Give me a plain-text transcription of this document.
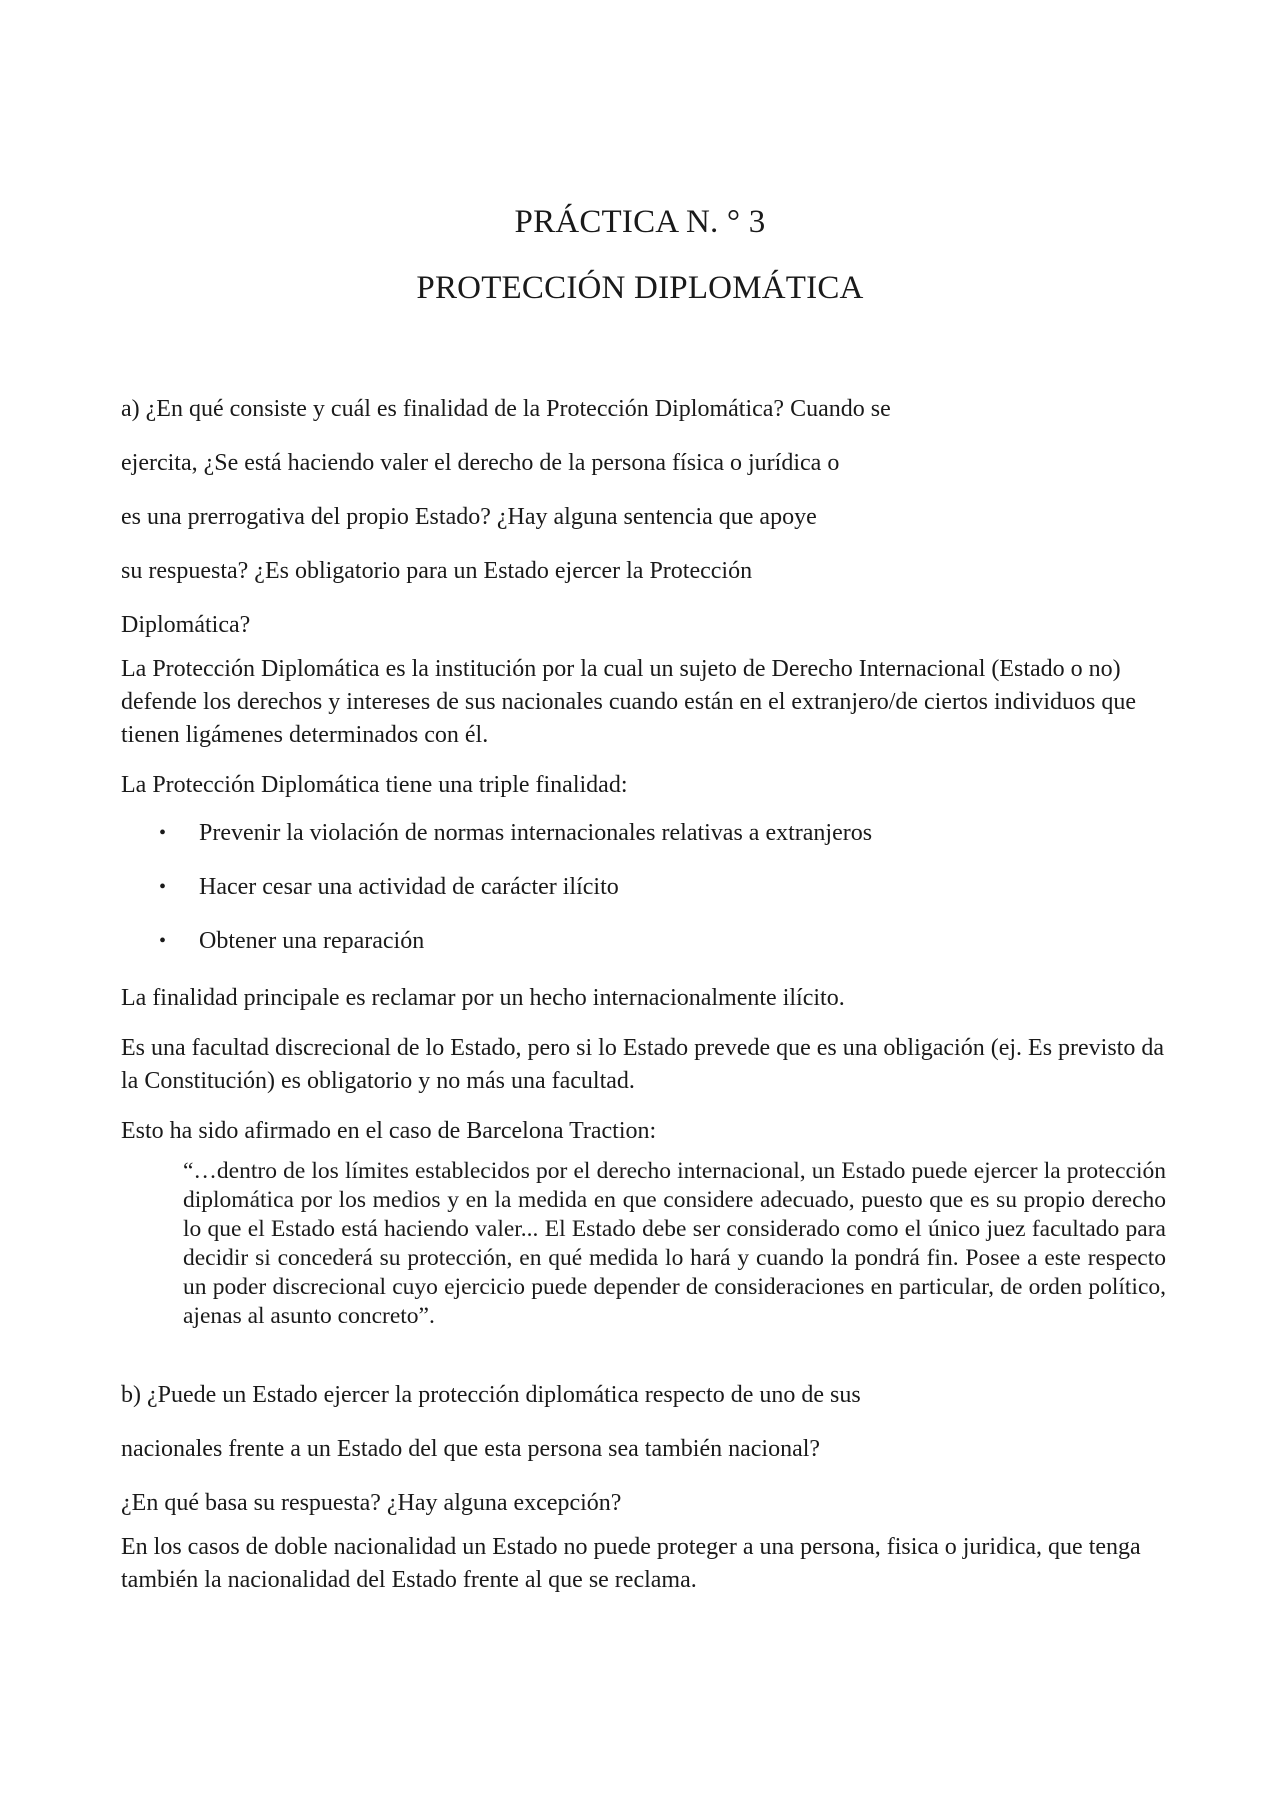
PRÁCTICA N. ° 3
PROTECCIÓN DIPLOMÁTICA

a) ¿En qué consiste y cuál es finalidad de la Protección Diplomática? Cuando se

ejercita, ¿Se está haciendo valer el derecho de la persona física o jurídica o

es una prerrogativa del propio Estado? ¿Hay alguna sentencia que apoye

su respuesta? ¿Es obligatorio para un Estado ejercer la Protección

Diplomática?

La Protección Diplomática es la institución por la cual un sujeto de Derecho Internacional (Estado o no) defende los derechos y intereses de sus nacionales cuando están en el extranjero/de ciertos individuos que tienen ligámenes determinados con él.

La Protección Diplomática tiene una triple finalidad:

• Prevenir la violación de normas internacionales relativas a extranjeros
• Hacer cesar una actividad de carácter ilícito
• Obtener una reparación

La finalidad principale es reclamar por un hecho internacionalmente ilícito.

Es una facultad discrecional de lo Estado, pero si lo Estado prevede que es una obligación (ej. Es previsto da la Constitución) es obligatorio y no más una facultad.

Esto ha sido afirmado en el caso de Barcelona Traction:

“…dentro de los límites establecidos por el derecho internacional, un Estado puede ejercer la protección diplomática por los medios y en la medida en que considere adecuado, puesto que es su propio derecho lo que el Estado está haciendo valer... El Estado debe ser considerado como el único juez facultado para decidir si concederá su protección, en qué medida lo hará y cuando la pondrá fin. Posee a este respecto un poder discrecional cuyo ejercicio puede depender de consideraciones en particular, de orden político, ajenas al asunto concreto”.

b) ¿Puede un Estado ejercer la protección diplomática respecto de uno de sus

nacionales frente a un Estado del que esta persona sea también nacional?

¿En qué basa su respuesta? ¿Hay alguna excepción?

En los casos de doble nacionalidad un Estado no puede proteger a una persona, fisica o juridica, que tenga también la nacionalidad del Estado frente al que se reclama.
